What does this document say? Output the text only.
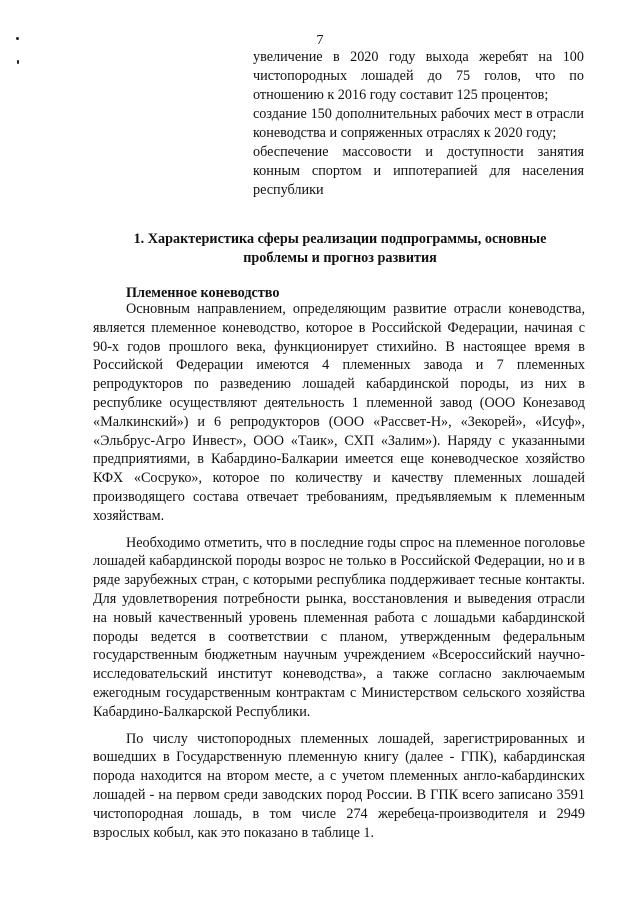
7

увеличение в 2020 году выхода жеребят на 100 чистопородных лошадей до 75 голов, что по отношению к 2016 году составит 125 процентов;

создание 150 дополнительных рабочих мест в отрасли коневодства и сопряженных отраслях к 2020 году;

обеспечение массовости и доступности занятия конным спортом и иппотерапией для населения республики

1. Характеристика сферы реализации подпрограммы, основные
проблемы и прогноз развития
Племенное коневодство

Основным направлением, определяющим развитие отрасли коневодства, является племенное коневодство, которое в Российской Федерации, начиная с 90-х годов прошлого века, функционирует стихийно. В настоящее время в Российской Федерации имеются 4 племенных завода и 7 племенных репродукторов по разведению лошадей кабардинской породы, из них в республике осуществляют деятельность 1 племенной завод (ООО Конезавод «Малкинский») и 6 репродукторов (ООО «Рассвет-Н», «Зекорей», «Исуф», «Эльбрус-Агро Инвест», ООО «Таик», СХП «Залим»). Наряду с указанными предприятиями, в Кабардино-Балкарии имеется еще коневодческое хозяйство КФХ «Сосруко», которое по количеству и качеству племенных лошадей производящего состава отвечает требованиям, предъявляемым к племенным хозяйствам.

Необходимо отметить, что в последние годы спрос на племенное поголовье лошадей кабардинской породы возрос не только в Российской Федерации, но и в ряде зарубежных стран, с которыми республика поддерживает тесные контакты. Для удовлетворения потребности рынка, восстановления и выведения отрасли на новый качественный уровень племенная работа с лошадьми кабардинской породы ведется в соответствии с планом, утвержденным федеральным государственным бюджетным научным учреждением «Всероссийский научно-исследовательский институт коневодства», а также согласно заключаемым ежегодным государственным контрактам с Министерством сельского хозяйства Кабардино-Балкарской Республики.

По числу чистопородных племенных лошадей, зарегистрированных и вошедших в Государственную племенную книгу (далее - ГПК), кабардинская порода находится на втором месте, а с учетом племенных англо-кабардинских лошадей - на первом среди заводских пород России. В ГПК всего записано 3591 чистопородная лошадь, в том числе 274 жеребеца-производителя и 2949 взрослых кобыл, как это показано в таблице 1.
